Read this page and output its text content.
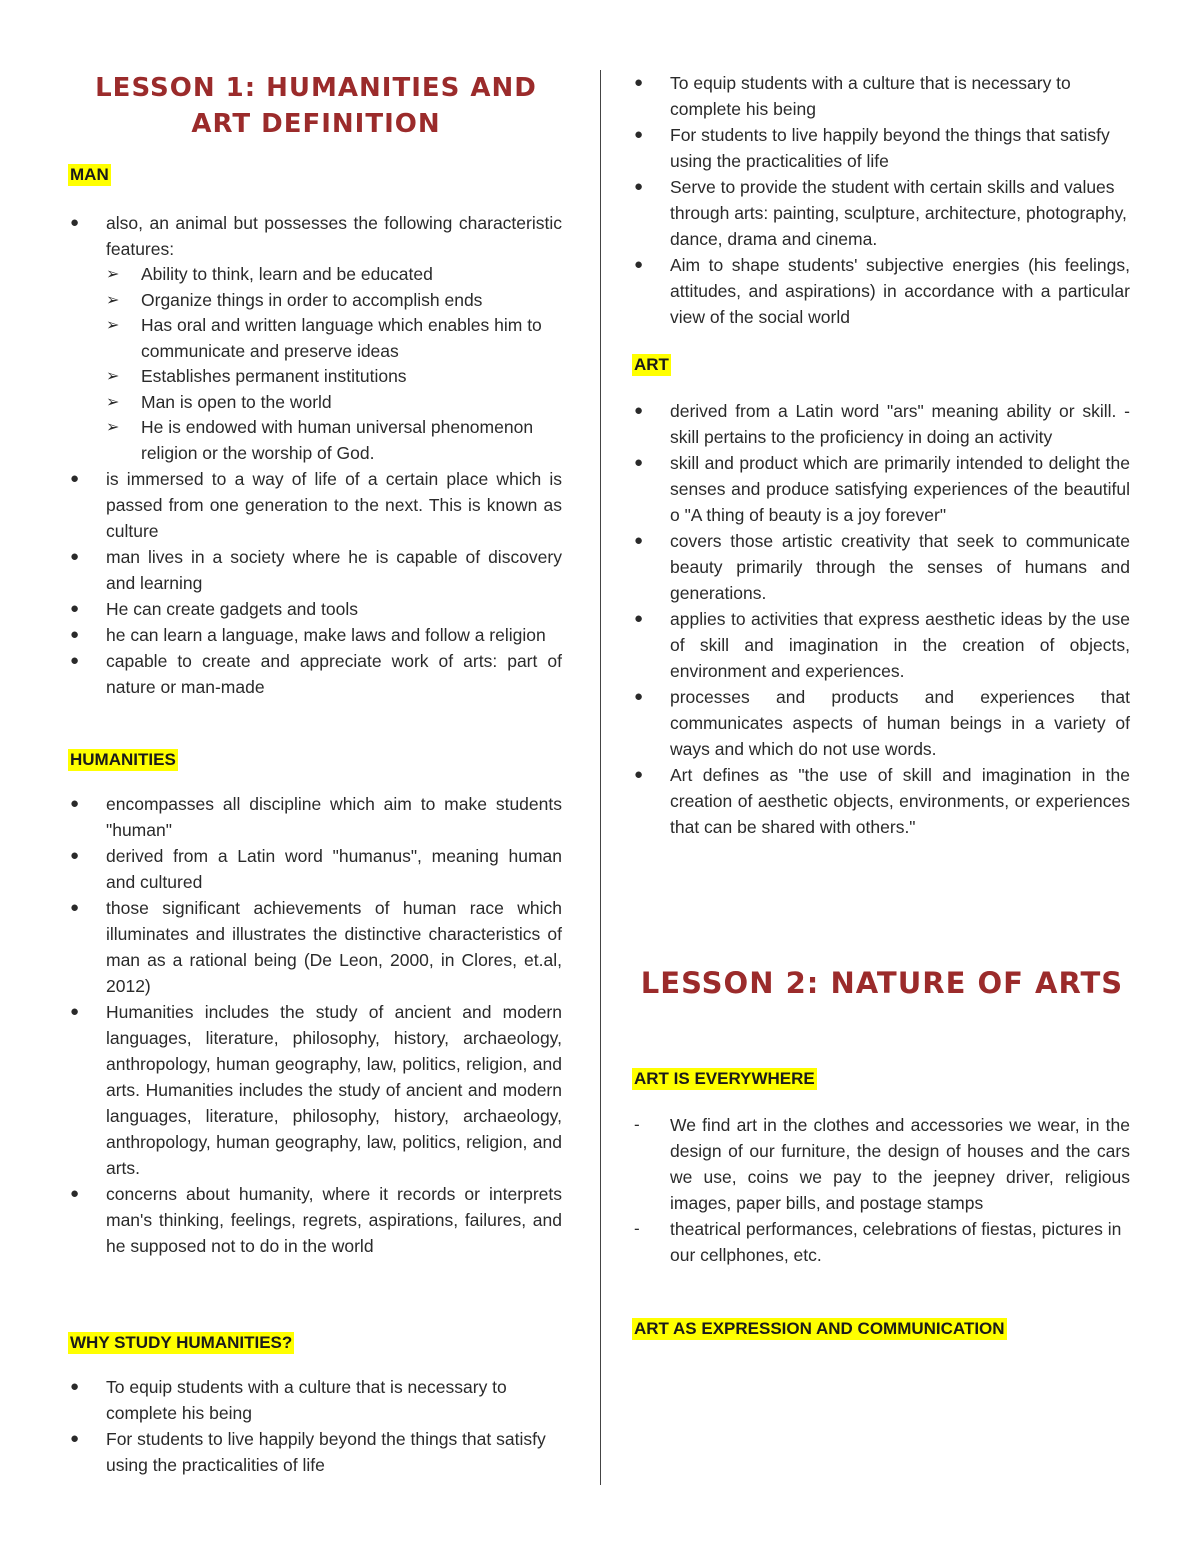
LESSON 1: HUMANITIES AND ART DEFINITION
MAN
●	also, an animal but possesses the following characteristic features:
➢	Ability to think, learn and be educated
➢	Organize things in order to accomplish ends
➢	Has oral and written language which enables him to communicate and preserve ideas
➢	Establishes permanent institutions
➢	Man is open to the world
➢	He is endowed with human universal phenomenon religion or the worship of God.
●	is immersed to a way of life of a certain place which is passed from one generation to the next. This is known as culture
●	man lives in a society where he is capable of discovery and learning
●	He can create gadgets and tools
●	he can learn a language, make laws and follow a religion
●	capable to create and appreciate work of arts: part of nature or man-made
HUMANITIES
●	encompasses all discipline which aim to make students "human"
●	derived from a Latin word "humanus", meaning human and cultured
●	those significant achievements of human race which illuminates and illustrates the distinctive characteristics of man as a rational being (De Leon, 2000, in Clores, et.al, 2012)
●	Humanities includes the study of ancient and modern languages, literature, philosophy, history, archaeology, anthropology, human geography, law, politics, religion, and arts. Humanities includes the study of ancient and modern languages, literature, philosophy, history, archaeology, anthropology, human geography, law, politics, religion, and arts.
●	concerns about humanity, where it records or interprets man's thinking, feelings, regrets, aspirations, failures, and he supposed not to do in the world
WHY STUDY HUMANITIES?
●	To equip students with a culture that is necessary to complete his being
●	For students to live happily beyond the things that satisfy using the practicalities of life
●	To equip students with a culture that is necessary to complete his being
●	For students to live happily beyond the things that satisfy using the practicalities of life
●	Serve to provide the student with certain skills and values through arts: painting, sculpture, architecture, photography, dance, drama and cinema.
●	Aim to shape students' subjective energies (his feelings, attitudes, and aspirations) in accordance with a particular view of the social world
ART
●	derived from a Latin word "ars" meaning ability or skill. - skill pertains to the proficiency in doing an activity
●	skill and product which are primarily intended to delight the senses and produce satisfying experiences of the beautiful o "A thing of beauty is a joy forever"
●	covers those artistic creativity that seek to communicate beauty primarily through the senses of humans and generations.
●	applies to activities that express aesthetic ideas by the use of skill and imagination in the creation of objects, environment and experiences.
●	processes and products and experiences that communicates aspects of human beings in a variety of ways and which do not use words.
●	Art defines as "the use of skill and imagination in the creation of aesthetic objects, environments, or experiences that can be shared with others."
LESSON 2: NATURE OF ARTS
ART IS EVERYWHERE
-	We find art in the clothes and accessories we wear, in the design of our furniture, the design of houses and the cars we use, coins we pay to the jeepney driver, religious images, paper bills, and postage stamps
-	theatrical performances, celebrations of fiestas, pictures in our cellphones, etc.
ART AS EXPRESSION AND COMMUNICATION
